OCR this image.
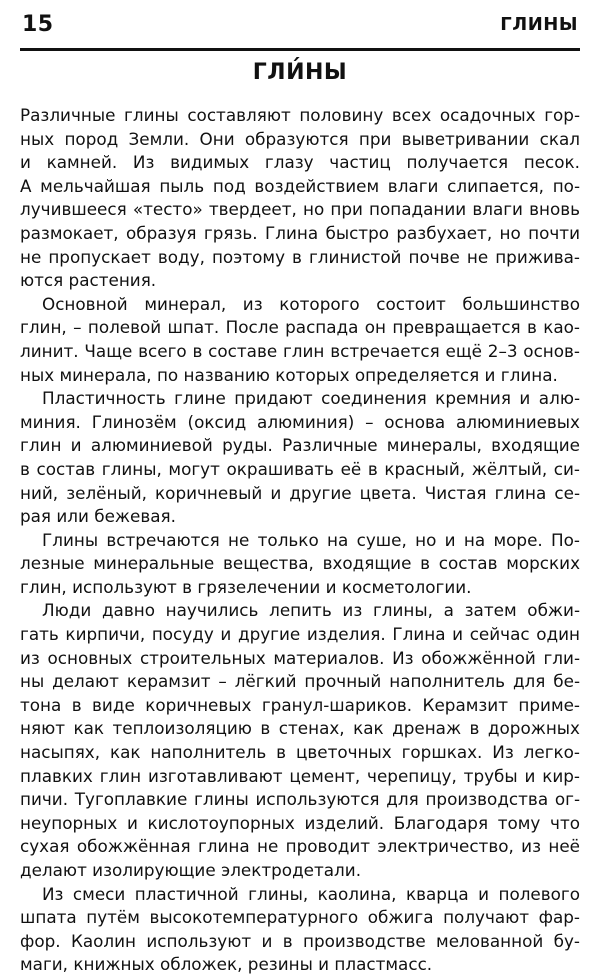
15	ГЛИНЫ
ГЛИ́НЫ
Различные глины составляют половину всех осадочных гор-
ных пород Земли. Они образуются при выветривании скал
и камней. Из видимых глазу частиц получается песок.
А мельчайшая пыль под воздействием влаги слипается, по-
лучившееся «тесто» твердеет, но при попадании влаги вновь
размокает, образуя грязь. Глина быстро разбухает, но почти
не пропускает воду, поэтому в глинистой почве не прижива-
ются растения.
Основной минерал, из которого состоит большинство
глин, – полевой шпат. После распада он превращается в као-
линит. Чаще всего в составе глин встречается ещё 2–3 основ-
ных минерала, по названию которых определяется и глина.
Пластичность глине придают соединения кремния и алю-
миния. Глинозём (оксид алюминия) – основа алюминиевых
глин и алюминиевой руды. Различные минералы, входящие
в состав глины, могут окрашивать её в красный, жёлтый, си-
ний, зелёный, коричневый и другие цвета. Чистая глина се-
рая или бежевая.
Глины встречаются не только на суше, но и на море. По-
лезные минеральные вещества, входящие в состав морских
глин, используют в грязелечении и косметологии.
Люди давно научились лепить из глины, а затем обжи-
гать кирпичи, посуду и другие изделия. Глина и сейчас один
из основных строительных материалов. Из обожжённой гли-
ны делают керамзит – лёгкий прочный наполнитель для бе-
тона в виде коричневых гранул-шариков. Керамзит приме-
няют как теплоизоляцию в стенах, как дренаж в дорожных
насыпях, как наполнитель в цветочных горшках. Из легко-
плавких глин изготавливают цемент, черепицу, трубы и кир-
пичи. Тугоплавкие глины используются для производства ог-
неупорных и кислотоупорных изделий. Благодаря тому что
сухая обожжённая глина не проводит электричество, из неё
делают изолирующие электродетали.
Из смеси пластичной глины, каолина, кварца и полевого
шпата путём высокотемпературного обжига получают фар-
фор. Каолин используют и в производстве мелованной бу-
маги, книжных обложек, резины и пластмасс.
